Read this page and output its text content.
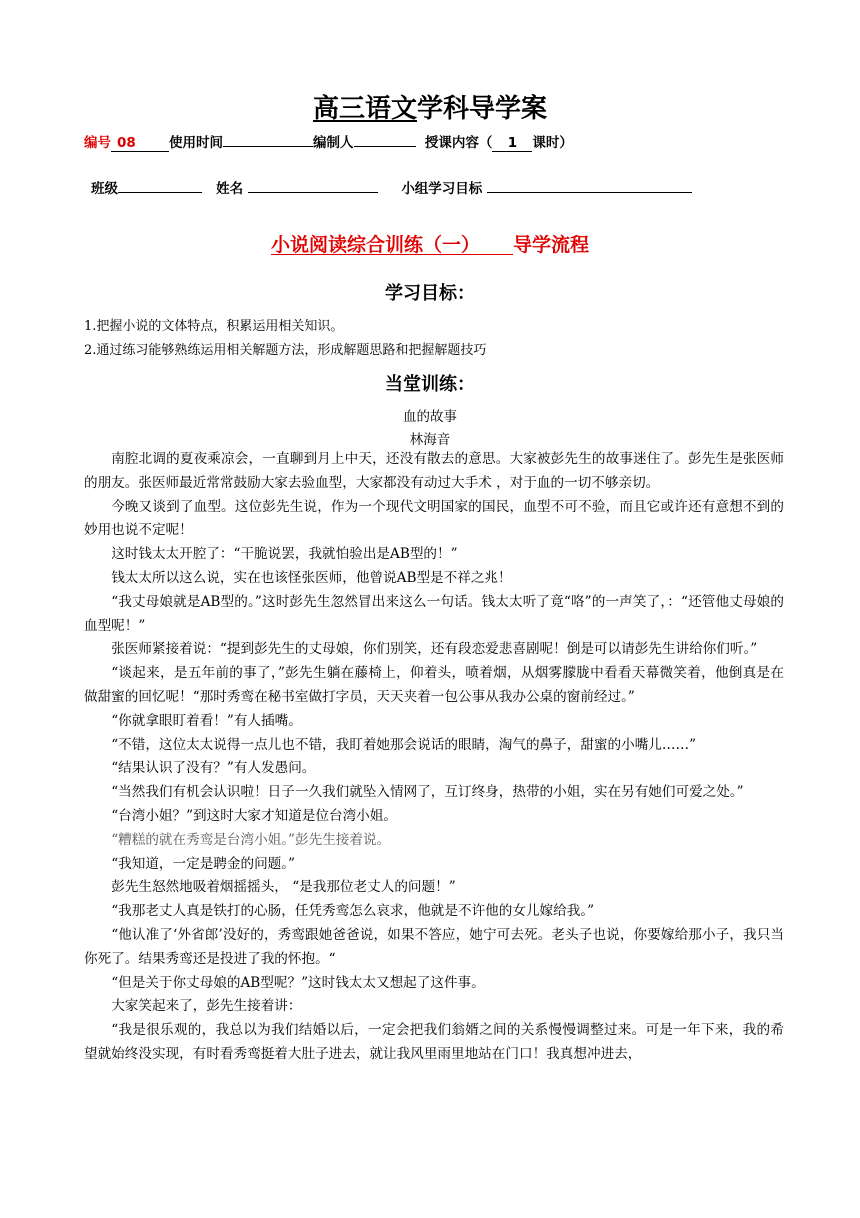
高三语文学科导学案
编号 08 使用时间	编制人	授课内容（ 1 课时）
班级	姓名	小组学习目标
小说阅读综合训练（一） 导学流程
学习目标：
1.把握小说的文体特点，积累运用相关知识。
2.通过练习能够熟练运用相关解题方法，形成解题思路和把握解题技巧
当堂训练：
血的故事
林海音

南腔北调的夏夜乘凉会，一直聊到月上中天，还没有散去的意思。大家被彭先生的故事迷住了。彭先生是张医师的朋友。张医师最近常常鼓励大家去验血型，大家都没有动过大手术 ，对于血的一切不够亲切。

今晚又谈到了血型。这位彭先生说，作为一个现代文明国家的国民，血型不可不验，而且它或许还有意想不到的妙用也说不定呢！

这时钱太太开腔了：“干脆说罢，我就怕验出是AB型的！”

钱太太所以这么说，实在也该怪张医师，他曾说AB型是不祥之兆！

“我丈母娘就是AB型的。”这时彭先生忽然冒出来这么一句话。钱太太听了竟“咯”的一声笑了，：“还管他丈母娘的血型呢！”

张医师紧接着说：“提到彭先生的丈母娘，你们别笑，还有段恋爱悲喜剧呢！倒是可以请彭先生讲给你们听。”

“谈起来，是五年前的事了，”彭先生躺在藤椅上，仰着头，喷着烟，从烟雾朦胧中看看天幕微笑着，他倒真是在做甜蜜的回忆呢！“那时秀鸾在秘书室做打字员，天天夹着一包公事从我办公桌的窗前经过。”

“你就拿眼盯着看！”有人插嘴。

“不错，这位太太说得一点儿也不错，我盯着她那会说话的眼睛，淘气的鼻子，甜蜜的小嘴儿……”

“结果认识了没有？”有人发愚问。

“当然我们有机会认识啦！日子一久我们就坠入情网了，互订终身，热带的小姐，实在另有她们可爱之处。”

“台湾小姐？”到这时大家才知道是位台湾小姐。

“糟糕的就在秀鸾是台湾小姐。”彭先生接着说。

“我知道，一定是聘金的问题。”

彭先生怒然地吸着烟摇摇头， “是我那位老丈人的问题！”

“我那老丈人真是铁打的心肠，任凭秀鸾怎么哀求，他就是不许他的女儿嫁给我。”

“他认准了‘外省郎’没好的，秀鸾跟她爸爸说，如果不答应，她宁可去死。老头子也说，你要嫁给那小子，我只当你死了。结果秀鸾还是投进了我的怀抱。“

“但是关于你丈母娘的AB型呢？”这时钱太太又想起了这件事。

大家笑起来了，彭先生接着讲：

“我是很乐观的，我总以为我们结婚以后，一定会把我们翁婿之间的关系慢慢调整过来。可是一年下来，我的希望就始终没实现，有时看秀鸾挺着大肚子进去，就让我风里雨里地站在门口！我真想冲进去，
